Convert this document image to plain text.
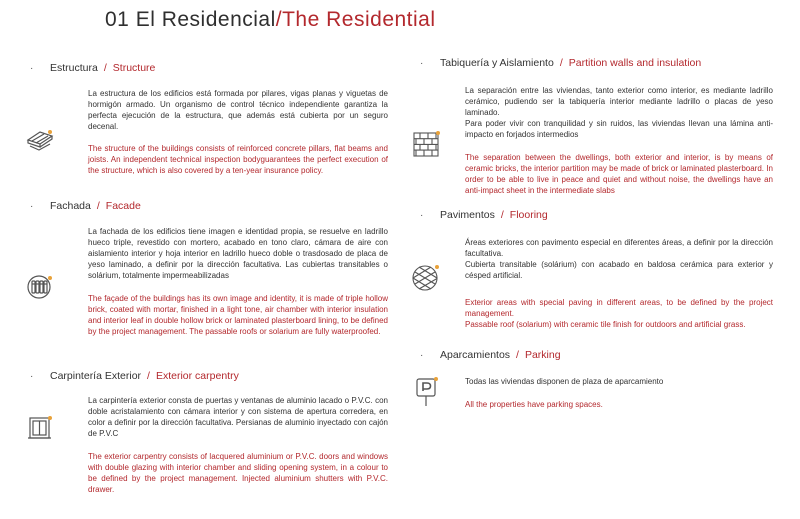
01 El Residencial/The Residential
·	Estructura / Structure

La estructura de los edificios está formada por pilares, vigas planas y viguetas de hormigón armado. Un organismo de control técnico independiente garantiza la perfecta ejecución de la estructura, que además está cubierta por un seguro decenal.

The structure of the buildings consists of reinforced concrete pillars, flat beams and joists. An independent technical inspection bodyguarantees the perfect execution of the structure, which is also covered by a ten-year insurance policy.

·	Fachada / Facade

La fachada de los edificios tiene imagen e identidad propia, se resuelve en ladrillo hueco triple, revestido con mortero, acabado en tono claro, cámara de aire con aislamiento interior y hoja interior en ladrillo hueco doble o trasdosado de placa de yeso laminado, a definir por la dirección facultativa. Las cubiertas transitables o solárium, totalmente impermeabilizadas

The façade of the buildings has its own image and identity, it is made of triple hollow brick, coated with mortar, finished in a light tone, air chamber with interior insulation and interior leaf in double hollow brick or laminated plasterboard lining, to be defined by the project management. The passable roofs or solarium are fully waterproofed.

·	Carpintería Exterior / Exterior carpentry

La carpintería exterior consta de puertas y ventanas de aluminio lacado o P.V.C. con doble acristalamiento con cámara interior y con sistema de apertura corredera, en color a definir por la dirección facultativa. Persianas de aluminio inyectado con cajón de P.V.C

The exterior carpentry consists of lacquered aluminium or P.V.C. doors and windows with double glazing with interior chamber and sliding opening system, in a colour to be defined by the project management. Injected aluminium shutters with P.V.C. drawer.

·	Tabiquería y Aislamiento / Partition walls and insulation

La separación entre las viviendas, tanto exterior como interior, es mediante ladrillo cerámico, pudiendo ser la tabiquería interior mediante ladrillo o placas de yeso laminado.
Para poder vivir con tranquilidad y sin ruidos, las viviendas llevan una lámina anti-impacto en forjados intermedios

The separation between the dwellings, both exterior and interior, is by means of ceramic bricks, the interior partition may be made of brick or laminated plasterboard. In order to be able to live in peace and quiet and without noise, the dwellings have an anti-impact sheet in the intermediate slabs

·	Pavimentos / Flooring

Áreas exteriores con pavimento especial en diferentes áreas, a definir por la dirección facultativa.
Cubierta transitable (solárium) con acabado en baldosa cerámica para exterior y césped artificial.

Exterior areas with special paving in different areas, to be defined by the project management.
Passable roof (solarium) with ceramic tile finish for outdoors and artificial grass.

·	Aparcamientos / Parking

Todas las viviendas disponen de plaza de aparcamiento

All the properties have parking spaces.
